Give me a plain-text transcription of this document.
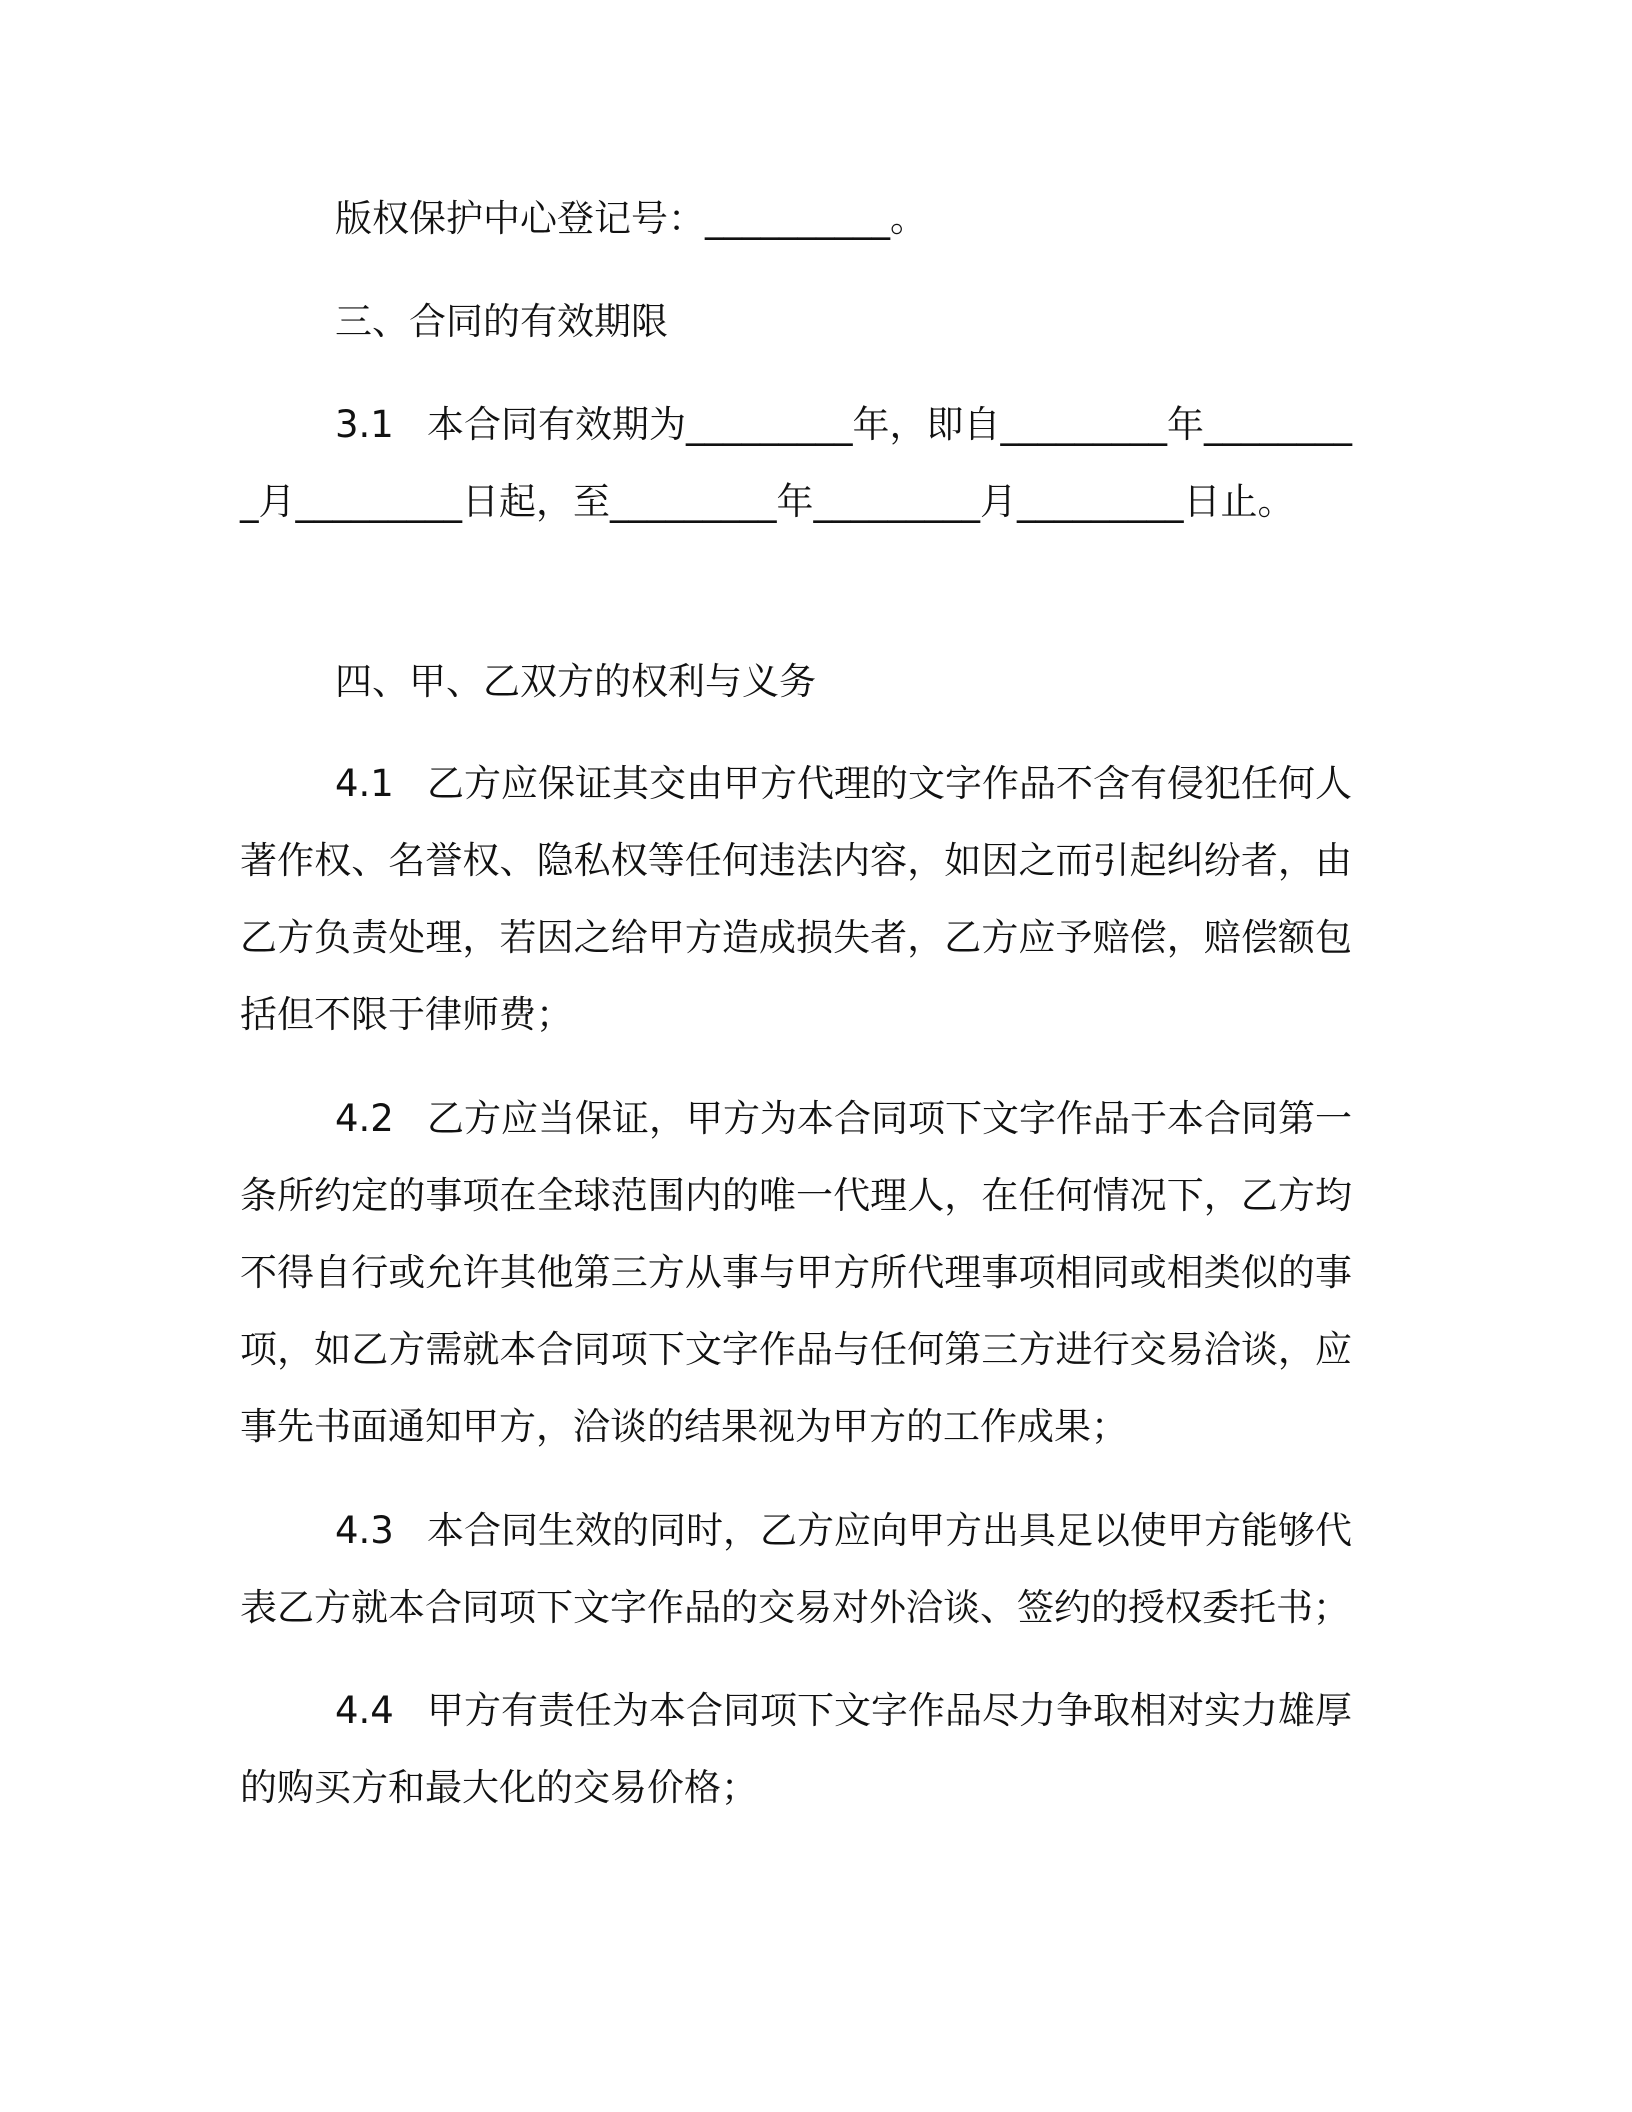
版权保护中心登记号：__________。

三、合同的有效期限

3.1 本合同有效期为_________年，即自_________年_________月_________日起，至_________年_________月_________日止。

四、甲、乙双方的权利与义务

4.1 乙方应保证其交由甲方代理的文字作品不含有侵犯任何人著作权、名誉权、隐私权等任何违法内容，如因之而引起纠纷者，由乙方负责处理，若因之给甲方造成损失者，乙方应予赔偿，赔偿额包括但不限于律师费；

4.2 乙方应当保证，甲方为本合同项下文字作品于本合同第一条所约定的事项在全球范围内的唯一代理人，在任何情况下，乙方均不得自行或允许其他第三方从事与甲方所代理事项相同或相类似的事项，如乙方需就本合同项下文字作品与任何第三方进行交易洽谈，应事先书面通知甲方，洽谈的结果视为甲方的工作成果；

4.3 本合同生效的同时，乙方应向甲方出具足以使甲方能够代表乙方就本合同项下文字作品的交易对外洽谈、签约的授权委托书；

4.4 甲方有责任为本合同项下文字作品尽力争取相对实力雄厚的购买方和最大化的交易价格；
